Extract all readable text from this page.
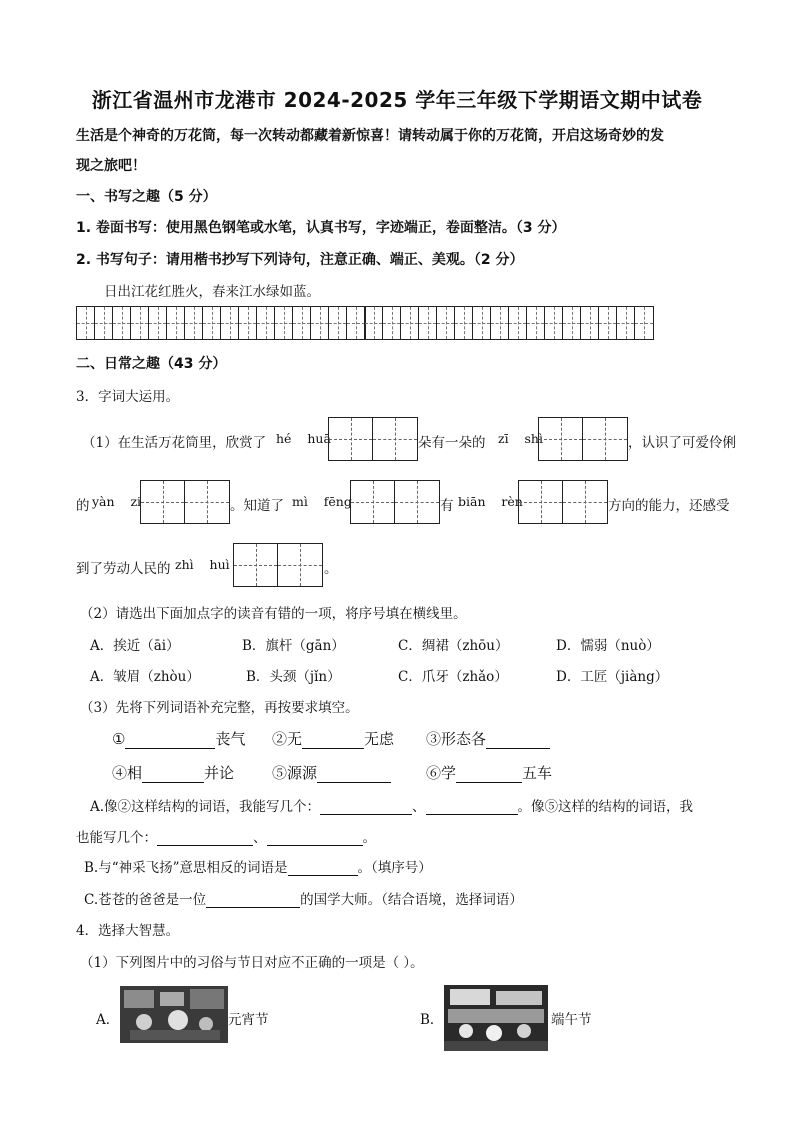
浙江省温州市龙港市 2024-2025 学年三年级下学期语文期中试卷
生活是个神奇的万花筒，每一次转动都藏着新惊喜！请转动属于你的万花筒，开启这场奇妙的发
现之旅吧！
一、书写之趣（5 分）
1. 卷面书写：使用黑色钢笔或水笔，认真书写，字迹端正，卷面整洁。（3 分）
2. 书写句子：请用楷书抄写下列诗句，注意正确、端正、美观。（2 分）
日出江花红胜火，春来江水绿如蓝。
二、日常之趣（43 分）
3．字词大运用。
（1）在生活万花筒里，欣赏了 hé    huā	朵有一朵的 zī    shì	，认识了可爱伶俐
的 yàn    zi	。知道了 mì    fēng	有 biān    rèn	方向的能力，还感受
到了劳动人民的 zhì    huì	。
（2）请选出下面加点字的读音有错的一项，将序号填在横线里。
A．挨近（āi）	B．旗杆（gān）	C．绸裙（zhōu）	D．懦弱（nuò）
A．皱眉（zhòu）	B．头颈（jǐn）	C．爪牙（zhǎo）	D．工匠（jiàng）
（3）先将下列词语补充完整，再按要求填空。
①	丧气 ②无	无虑 ③形态各
④相	并论	⑤源源	⑥学	五车
A.像②这样结构的词语，我能写几个：	、	。像⑤这样的结构的词语，我
也能写几个：	、	。
B.与“神采飞扬”意思相反的词语是	。（填序号）
C.苍苍的爸爸是一位	的国学大师。（结合语境，选择词语）
4．选择大智慧。
（1）下列图片中的习俗与节日对应不正确的一项是（ ）。
A．	元宵节	B．	端午节
